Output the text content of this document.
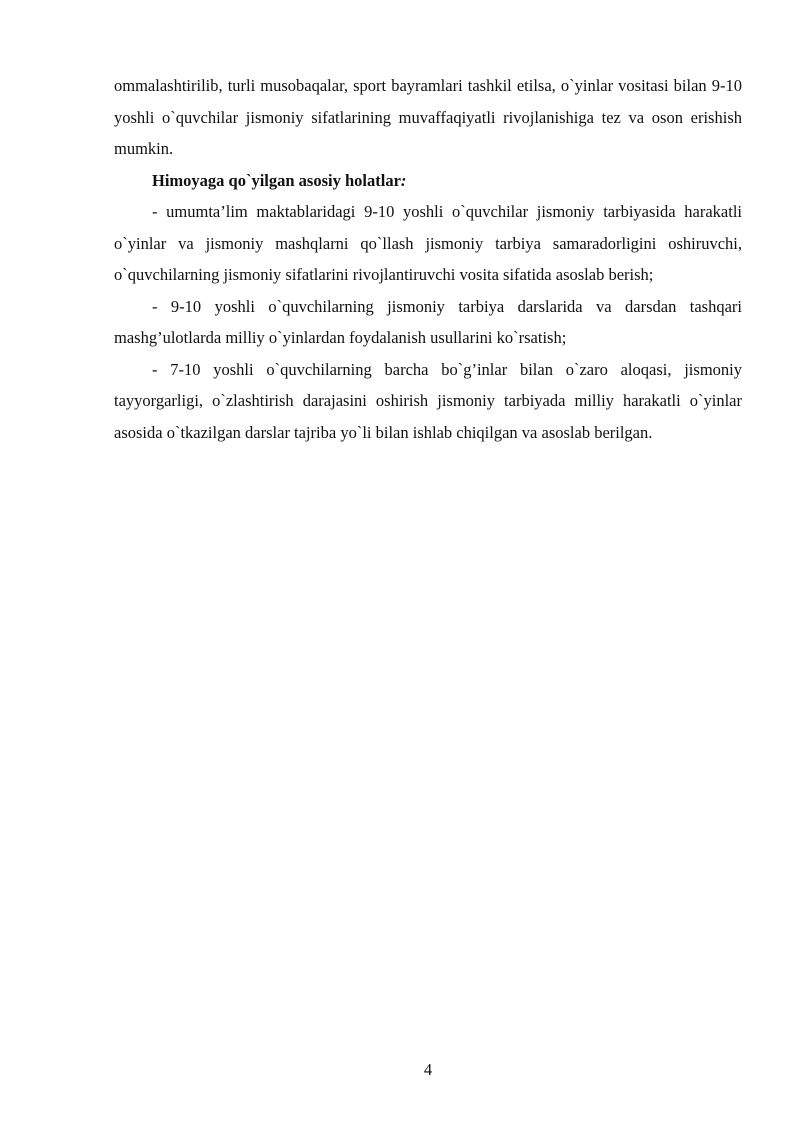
ommalashtirilib, turli musobaqalar, sport bayramlari tashkil etilsa, o`yinlar vositasi bilan 9-10 yoshli o`quvchilar jismoniy sifatlarining muvaffaqiyatli rivojlanishiga tez va oson erishish mumkin.

Himoyaga qo`yilgan asosiy holatlar:

- umumta’lim maktablaridagi 9-10 yoshli o`quvchilar jismoniy tarbiyasida harakatli o`yinlar va jismoniy mashqlarni qo`llash jismoniy tarbiya samaradorligini oshiruvchi, o`quvchilarning jismoniy sifatlarini rivojlantiruvchi vosita sifatida asoslab berish;

- 9-10 yoshli o`quvchilarning jismoniy tarbiya darslarida va darsdan tashqari mashg’ulotlarda milliy o`yinlardan foydalanish usullarini ko`rsatish;

- 7-10 yoshli o`quvchilarning barcha bo`g’inlar bilan o`zaro aloqasi, jismoniy tayyorgarligi, o`zlashtirish darajasini oshirish jismoniy tarbiyada milliy harakatli o`yinlar asosida o`tkazilgan darslar tajriba yo`li bilan ishlab chiqilgan va asoslab berilgan.

4
